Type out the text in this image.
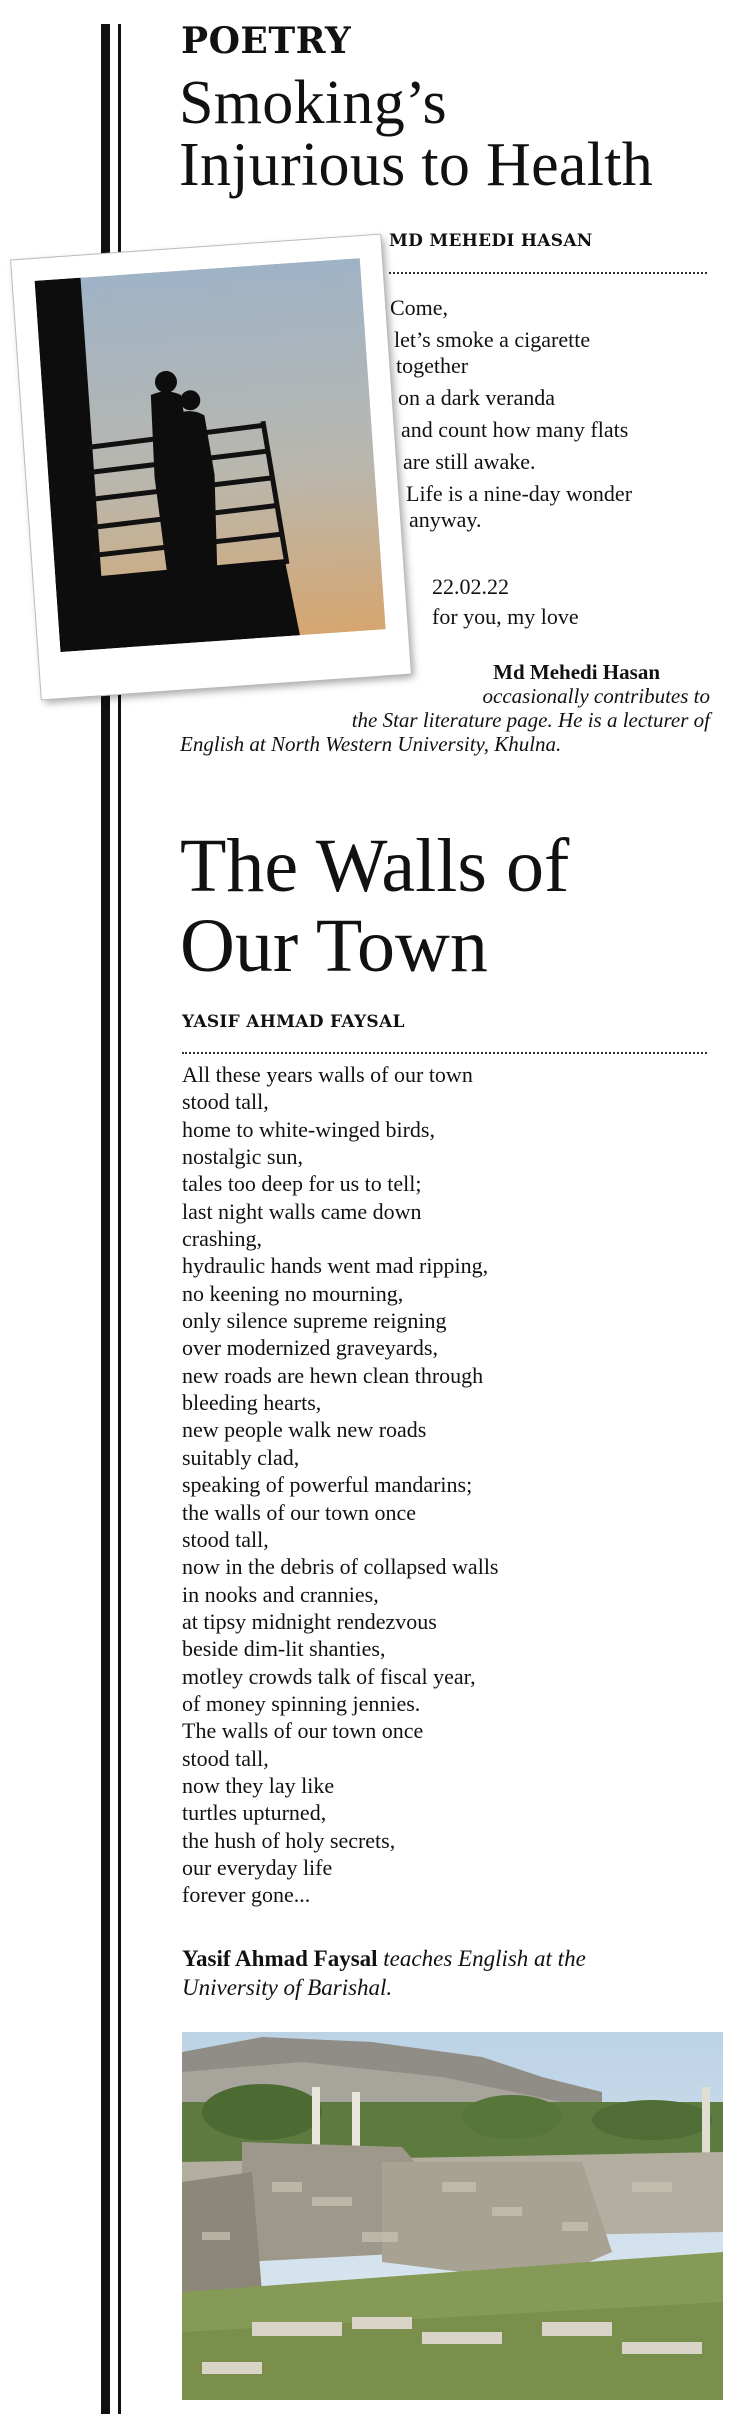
POETRY
Smoking’s
Injurious to Health
MD MEHEDI HASAN
Come,
let’s smoke a cigarette
together
on a dark veranda
and count how many flats
are still awake.
Life is a nine-day wonder
anyway.
22.02.22
for you, my love
Md Mehedi Hasan
occasionally contributes to
the Star literature page. He is a lecturer of
English at North Western University, Khulna.
The Walls of
Our Town
YASIF AHMAD FAYSAL
All these years walls of our town
stood tall,
home to white-winged birds,
nostalgic sun,
tales too deep for us to tell;
last night walls came down
crashing,
hydraulic hands went mad ripping,
no keening no mourning,
only silence supreme reigning
over modernized graveyards,
new roads are hewn clean through
bleeding hearts,
new people walk new roads
suitably clad,
speaking of powerful mandarins;
the walls of our town once
stood tall,
now in the debris of collapsed walls
in nooks and crannies,
at tipsy midnight rendezvous
beside dim-lit shanties,
motley crowds talk of fiscal year,
of money spinning jennies.
The walls of our town once
stood tall,
now they lay like
turtles upturned,
the hush of holy secrets,
our everyday life
forever gone...
Yasif Ahmad Faysal teaches English at the
University of Barishal.
